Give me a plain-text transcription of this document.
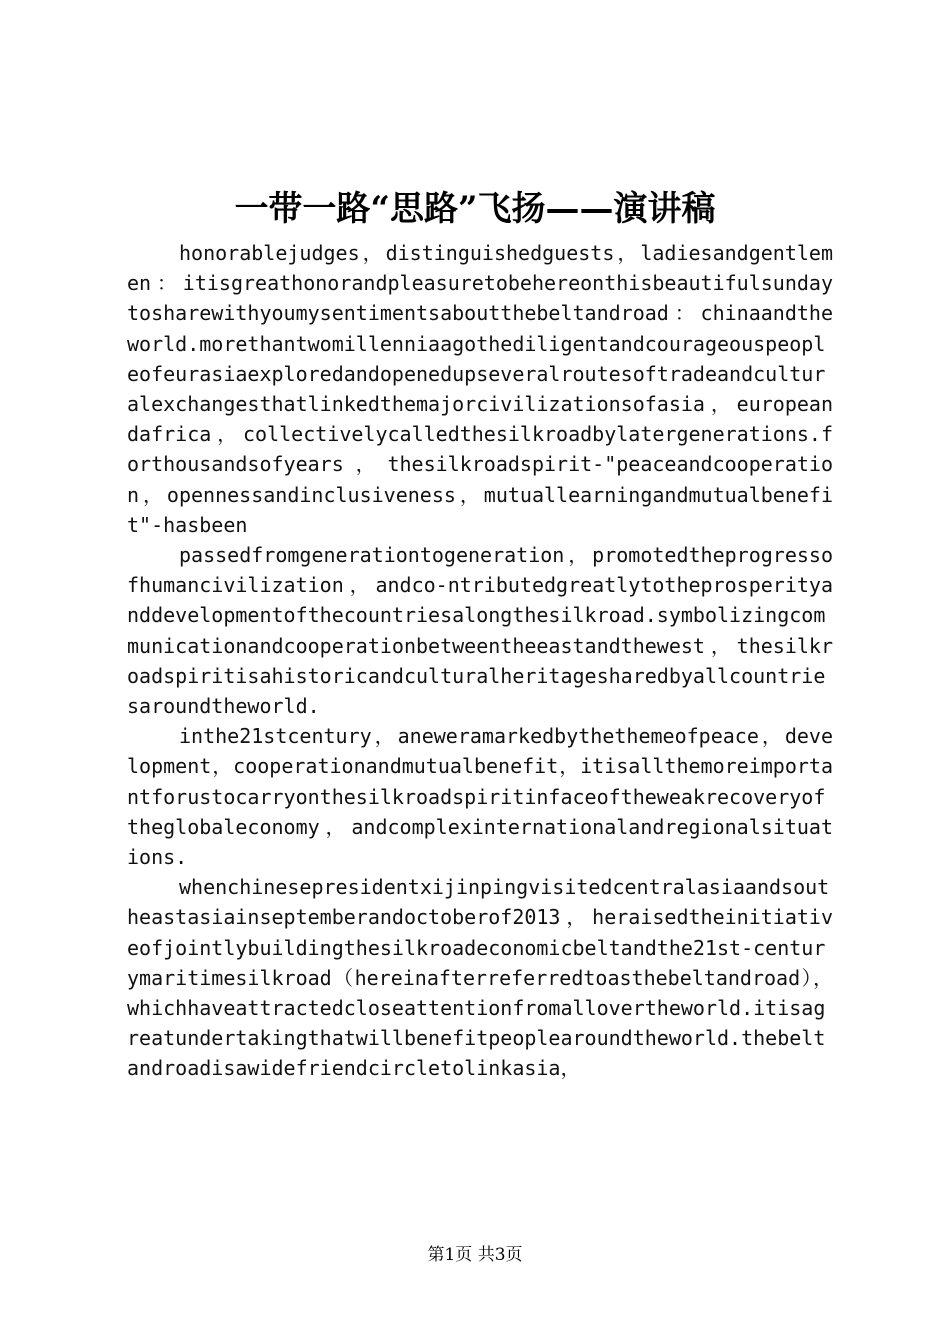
一带一路“思路”飞扬——演讲稿

honorablejudges，distinguishedguests，ladiesandgentlemen：itisgreathonorandpleasuretobehereonthisbeautifulsundaytosharewithyoumysentimentsaboutthebeltandroad：chinaandtheworld.morethantwomillenniaagothediligentandcourageouspeopleofeurasiaexploredandopenedupseveralroutesoftradeandculturalexchangesthatlinkedthemajorcivilizationsofasia，europeandafrica，collectivelycalledthesilkroadbylatergenerations.forthousandsofyears，thesilkroadspirit-"peaceandcooperation，opennessandinclusiveness，mutuallearningandmutualbenefit"-hasbeen

passedfromgenerationtogeneration，promotedtheprogressofhumancivilization，andco-ntributedgreatlytotheprosperityanddevelopmentofthecountriesalongthesilkroad.symbolizingcommunicationandcooperationbetweentheeastandthewest，thesilkroadspiritisahistoricandculturalheritagesharedbyallcountriesaroundtheworld.

inthe21stcentury，aneweramarkedbythethemeofpeace，development，cooperationandmutualbenefit，itisallthemoreimportantforustocarryonthesilkroadspiritinfaceoftheweakrecoveryoftheglobaleconomy，andcomplexinternationalandregionalsituations.

whenchinesepresidentxijinpingvisitedcentralasiaandsoutheastasiainseptemberandoctoberof2013，heraisedtheinitiativeofjointlybuildingthesilkroadeconomicbeltandthe21st-centurymaritimesilkroad（hereinafterreferredtoasthebeltandroad），whichhaveattractedcloseattentionfromallovertheworld.itisagreatundertakingthatwillbenefitpeoplearoundtheworld.thebeltandroadisawidefriendcircletolinkasia，

第1页 共3页
